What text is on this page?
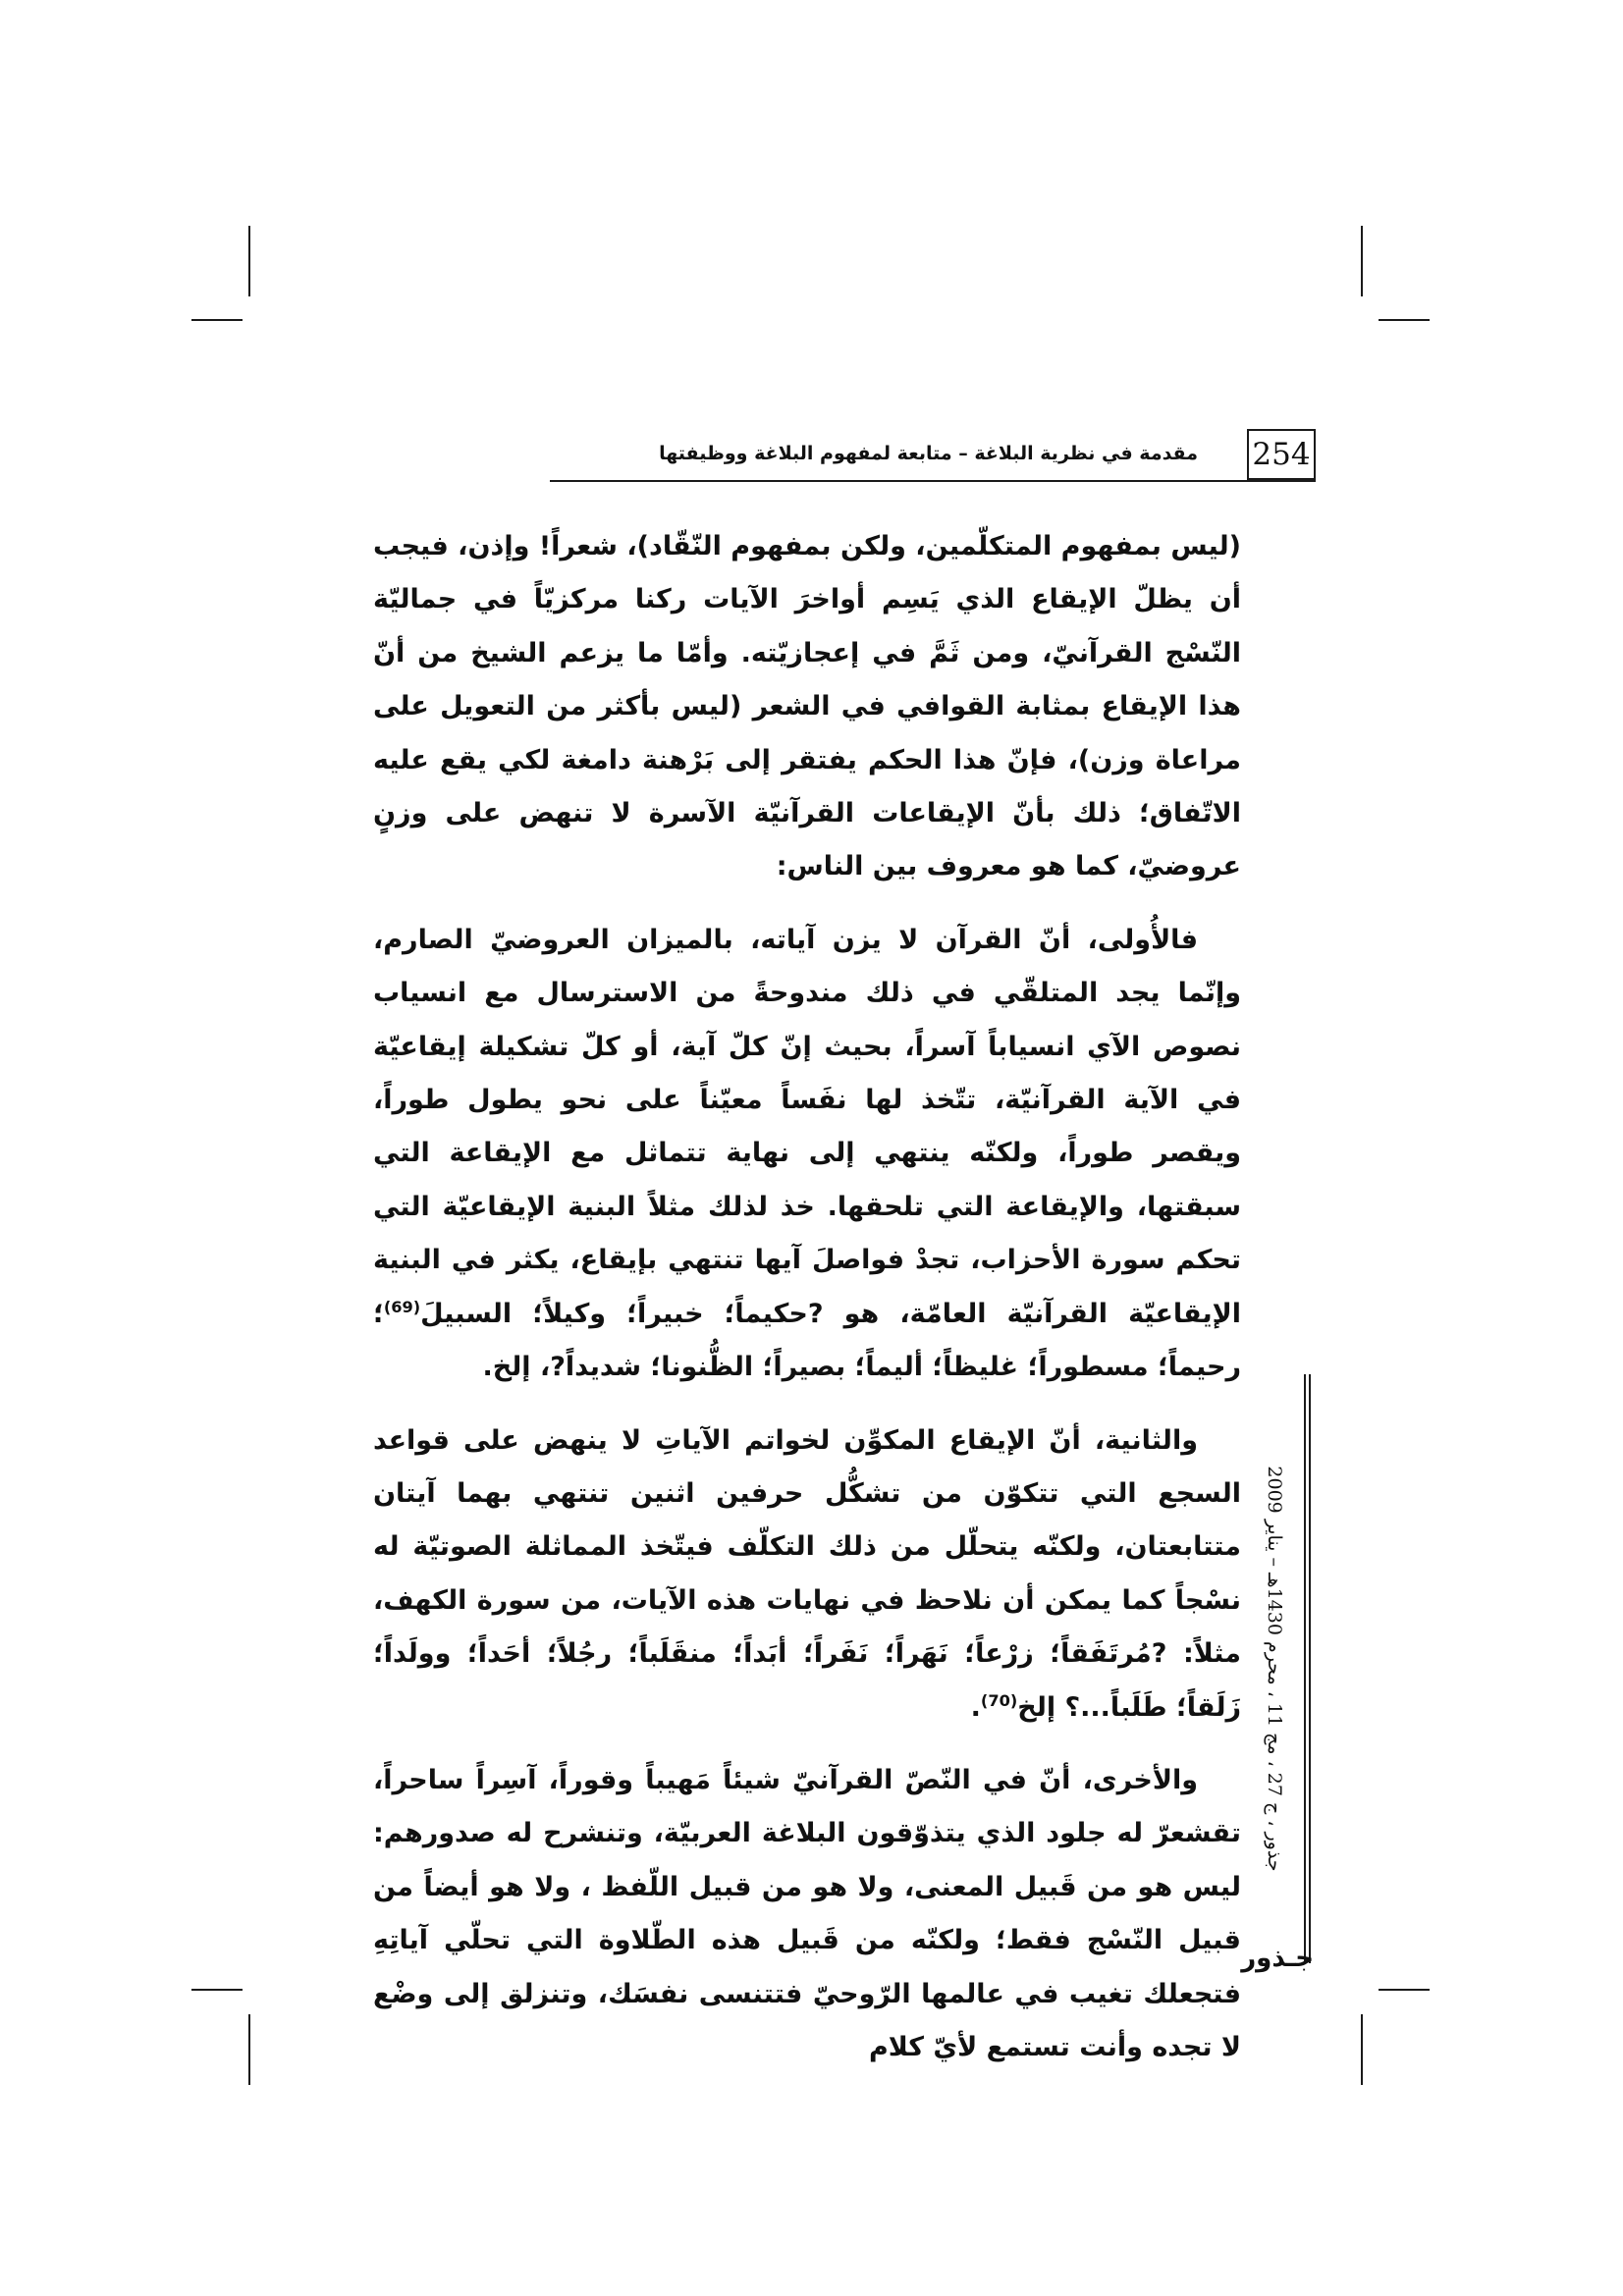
254
مقدمة في نظرية البلاغة – متابعة لمفهوم البلاغة ووظيفتها

(ليس بمفهوم المتكلّمين، ولكن بمفهوم النّقّاد)، شعراً! وإذن، فيجب أن يظلّ الإيقاع الذي يَسِم أواخرَ الآيات ركنا مركزيّاً في جماليّة النّسْج القرآنيّ، ومن ثَمَّ في إعجازيّته. وأمّا ما يزعم الشيخ من أنّ هذا الإيقاع بمثابة القوافي في الشعر (ليس بأكثر من التعويل على مراعاة وزن)، فإنّ هذا الحكم يفتقر إلى بَرْهنة دامغة لكي يقع عليه الاتّفاق؛ ذلك بأنّ الإيقاعات القرآنيّة الآسرة لا تنهض على وزنٍ عروضيّ، كما هو معروف بين الناس:

فالأُولى، أنّ القرآن لا يزن آياته، بالميزان العروضيّ الصارم، وإنّما يجد المتلقّي في ذلك مندوحةً من الاسترسال مع انسياب نصوص الآي انسياباً آسراً، بحيث إنّ كلّ آية، أو كلّ تشكيلة إيقاعيّة في الآية القرآنيّة، تتّخذ لها نفَساً معيّناً على نحو يطول طوراً، ويقصر طوراً، ولكنّه ينتهي إلى نهاية تتماثل مع الإيقاعة التي سبقتها، والإيقاعة التي تلحقها. خذ لذلك مثلاً البنية الإيقاعيّة التي تحكم سورة الأحزاب، تجدْ فواصلَ آيها تنتهي بإيقاع، يكثر في البنية الإيقاعيّة القرآنيّة العامّة، هو ?حكيماً؛ خبيراً؛ وكيلاً؛ السبيلَ$^{(69)}$؛ رحيماً؛ مسطوراً؛ غليظاً؛ أليماً؛ بصيراً؛ الظُّنونا؛ شديداً?، إلخ.

والثانية، أنّ الإيقاع المكوِّن لخواتم الآياتِ لا ينهض على قواعد السجع التي تتكوّن من تشكُّل حرفين اثنين تنتهي بهما آيتان متتابعتان، ولكنّه يتحلّل من ذلك التكلّف فيتّخذ المماثلة الصوتيّة له نسْجاً كما يمكن أن نلاحظ في نهايات هذه الآيات، من سورة الكهف، مثلاً: ?مُرتَفَقاً؛ زرْعاً؛ نَهَراً؛ نَفَراً؛ أبَداً؛ منقَلَباً؛ رجُلاً؛ أحَداً؛ وولَداً؛ زَلَقاً؛ طَلَباً...؟ إلخ$^{(70)}$.

والأخرى، أنّ في النّصّ القرآنيّ شيئاً مَهيباً وقوراً، آسِراً ساحراً، تقشعرّ له جلود الذي يتذوّقون البلاغة العربيّة، وتنشرح له صدورهم: ليس هو من قَبيل المعنى، ولا هو من قبيل اللّفظ ، ولا هو أيضاً من قبيل النّسْج فقط؛ ولكنّه من قَبيل هذه الطّلاوة التي تحلّي آياتِهِ فتجعلك تغيب في عالمها الرّوحيّ فتتنسى نفسَك، وتنزلق إلى وضْع لا تجده وأنت تستمع لأيّ كلام

جذور ، ج 27 ، مج 11 ، محرم 1430هـ – يناير 2009
جـذور
